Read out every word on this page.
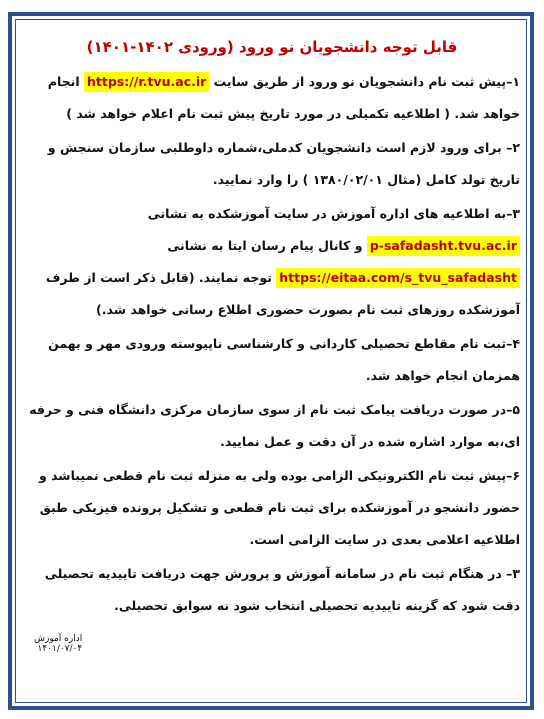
قابل توجه دانشجویان نو ورود (ورودی ۱۴۰۲-۱۴۰۱)

۱–پیش ثبت نام دانشجویان نو ورود از طریق سایت https://r.tvu.ac.ir انجام خواهد شد. ( اطلاعیه تکمیلی در مورد تاریخ پیش ثبت نام اعلام خواهد شد )

۲– برای ورود لازم است دانشجویان کدملی،شماره داوطلبی سازمان سنجش و تاریخ تولد کامل (مثال ۱۳۸۰/۰۲/۰۱ ) را وارد نمایید.

۳–به اطلاعیه های اداره آموزش در سایت آموزشکده به نشانی p-safadasht.tvu.ac.ir و کانال پیام رسان ایتا به نشانی https://eitaa.com/s_tvu_safadasht توجه نمایند. (قابل ذکر است از طرف آموزشکده روزهای ثبت نام بصورت حضوری اطلاع رسانی خواهد شد.)

۴–ثبت نام مقاطع تحصیلی کاردانی و کارشناسی ناپیوسته ورودی مهر و بهمن همزمان انجام خواهد شد.

۵–در صورت دریافت پیامک ثبت نام از سوی سازمان مرکزی دانشگاه فنی و حرفه ای،به موارد اشاره شده در آن دقت و عمل نمایید.

۶–پیش ثبت نام الکترونیکی الزامی بوده ولی به منزله ثبت نام قطعی نمیباشد و حضور دانشجو در آموزشکده برای ثبت نام قطعی و تشکیل پرونده فیزیکی طبق اطلاعیه اعلامی بعدی در سایت الزامی است.

۳– در هنگام ثبت نام در سامانه آموزش و پرورش جهت دریافت تاییدیه تحصیلی دقت شود که گزینه تاییدیه تحصیلی انتخاب شود نه سوابق تحصیلی.

اداره آموزش
۱۴۰۱/۰۷/۰۴
